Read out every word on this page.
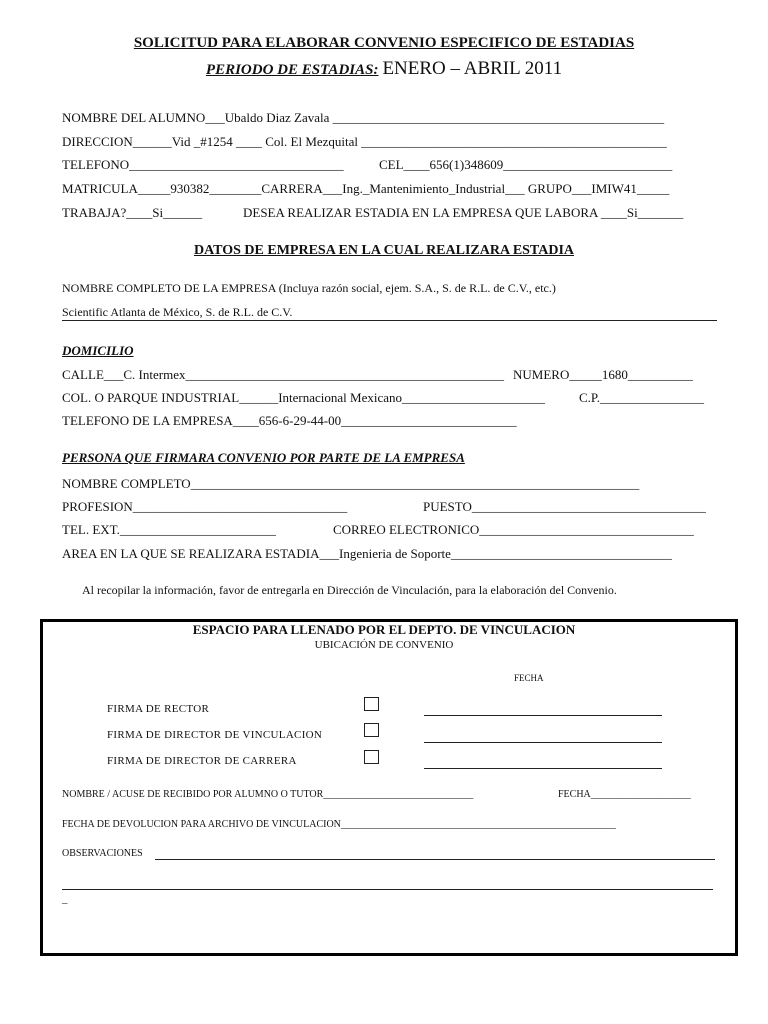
SOLICITUD PARA ELABORAR CONVENIO ESPECIFICO DE ESTADIAS
PERIODO DE ESTADIAS: ENERO – ABRIL 2011
NOMBRE DEL ALUMNO___Ubaldo Diaz Zavala ___________________________________________________
DIRECCION______Vid _#1254 ____ Col. El Mezquital _______________________________________________
TELEFONO_________________________________	CEL____656(1)348609__________________________
MATRICULA_____930382________CARRERA___Ing._Mantenimiento_Industrial___ GRUPO___IMIW41_____
TRABAJA?____Si______	DESEA REALIZAR ESTADIA EN LA EMPRESA QUE LABORA ____Si_______
DATOS DE EMPRESA EN LA CUAL REALIZARA ESTADIA
NOMBRE COMPLETO DE LA EMPRESA (Incluya razón social, ejem. S.A., S. de R.L. de C.V., etc.)
Scientific Atlanta de México, S. de R.L. de C.V.
DOMICILIO
CALLE___C. Intermex_________________________________________________ NUMERO_____1680__________
COL. O PARQUE INDUSTRIAL______Internacional Mexicano______________________	C.P.________________
TELEFONO DE LA EMPRESA____656-6-29-44-00___________________________
PERSONA QUE FIRMARA CONVENIO POR PARTE DE LA EMPRESA
NOMBRE COMPLETO_____________________________________________________________________
PROFESION_________________________________	PUESTO____________________________________
TEL. EXT.________________________	CORREO ELECTRONICO_________________________________
AREA EN LA QUE SE REALIZARA ESTADIA___Ingenieria de Soporte__________________________________
Al recopilar la información, favor de entregarla en Dirección de Vinculación, para la elaboración del Convenio.
ESPACIO PARA LLENADO POR EL DEPTO. DE VINCULACION
UBICACIÓN DE CONVENIO
FECHA
FIRMA DE RECTOR
FIRMA DE DIRECTOR DE VINCULACION
FIRMA DE DIRECTOR DE CARRERA
NOMBRE / ACUSE DE RECIBIDO POR ALUMNO O TUTOR______________________________	FECHA____________________
FECHA DE DEVOLUCION PARA ARCHIVO DE VINCULACION_______________________________________________________
OBSERVACIONES
–
